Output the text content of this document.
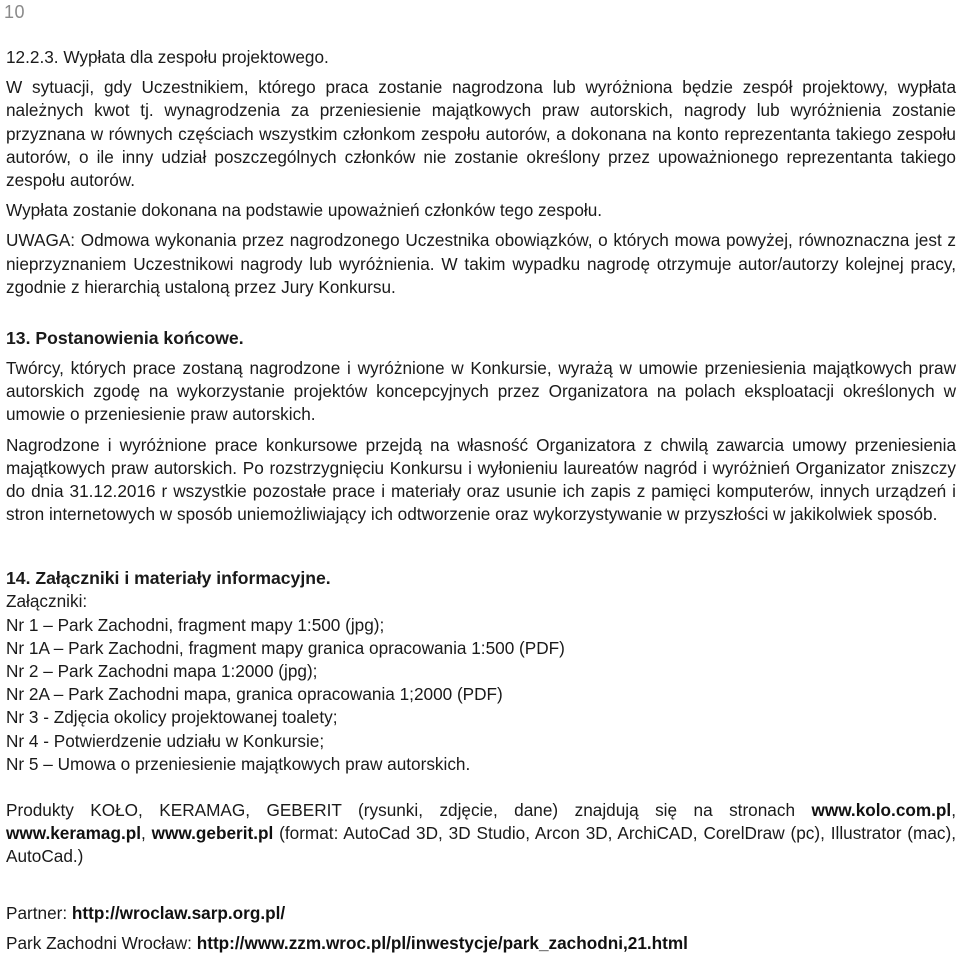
10

12.2.3. Wypłata dla zespołu projektowego.

W sytuacji, gdy Uczestnikiem, którego praca zostanie nagrodzona lub wyróżniona będzie zespół projektowy, wypłata należnych kwot tj. wynagrodzenia za przeniesienie majątkowych praw autorskich, nagrody lub wyróżnienia zostanie przyznana w równych częściach wszystkim członkom zespołu autorów, a dokonana na konto reprezentanta takiego zespołu autorów, o ile inny udział poszczególnych członków nie zostanie określony przez upoważnionego reprezentanta takiego zespołu autorów.

Wypłata zostanie dokonana na podstawie upoważnień członków tego zespołu.

UWAGA: Odmowa wykonania przez nagrodzonego Uczestnika obowiązków, o których mowa powyżej, równoznaczna jest z nieprzyznaniem Uczestnikowi nagrody lub wyróżnienia. W takim wypadku nagrodę otrzymuje autor/autorzy kolejnej pracy, zgodnie z hierarchią ustaloną przez Jury Konkursu.

13. Postanowienia końcowe.

Twórcy, których prace zostaną nagrodzone i wyróżnione w Konkursie, wyrażą w umowie przeniesienia majątkowych praw autorskich zgodę na wykorzystanie projektów koncepcyjnych przez Organizatora na polach eksploatacji określonych w umowie o przeniesienie praw autorskich.

Nagrodzone i wyróżnione prace konkursowe przejdą na własność Organizatora z chwilą zawarcia umowy przeniesienia majątkowych praw autorskich. Po rozstrzygnięciu Konkursu i wyłonieniu laureatów nagród i wyróżnień Organizator zniszczy do dnia 31.12.2016 r wszystkie pozostałe prace i materiały oraz usunie ich zapis z pamięci komputerów, innych urządzeń i stron internetowych w sposób uniemożliwiający ich odtworzenie oraz wykorzystywanie w przyszłości w jakikolwiek sposób.

14. Załączniki i materiały informacyjne.

Załączniki:

Nr 1 – Park Zachodni, fragment mapy 1:500 (jpg);
Nr 1A – Park Zachodni, fragment mapy granica opracowania 1:500 (PDF)
Nr 2 – Park Zachodni mapa 1:2000 (jpg);
Nr 2A – Park Zachodni mapa, granica opracowania 1;2000 (PDF)
Nr 3 - Zdjęcia okolicy projektowanej toalety;
Nr 4 - Potwierdzenie udziału w Konkursie;
Nr 5 – Umowa o przeniesienie majątkowych praw autorskich.

Produkty KOŁO, KERAMAG, GEBERIT (rysunki, zdjęcie, dane) znajdują się na stronach www.kolo.com.pl, www.keramag.pl, www.geberit.pl (format: AutoCad 3D, 3D Studio, Arcon 3D, ArchiCAD, CorelDraw (pc), Illustrator (mac), AutoCad.)

Partner: http://wroclaw.sarp.org.pl/

Park Zachodni Wrocław: http://www.zzm.wroc.pl/pl/inwestycje/park_zachodni,21.html
